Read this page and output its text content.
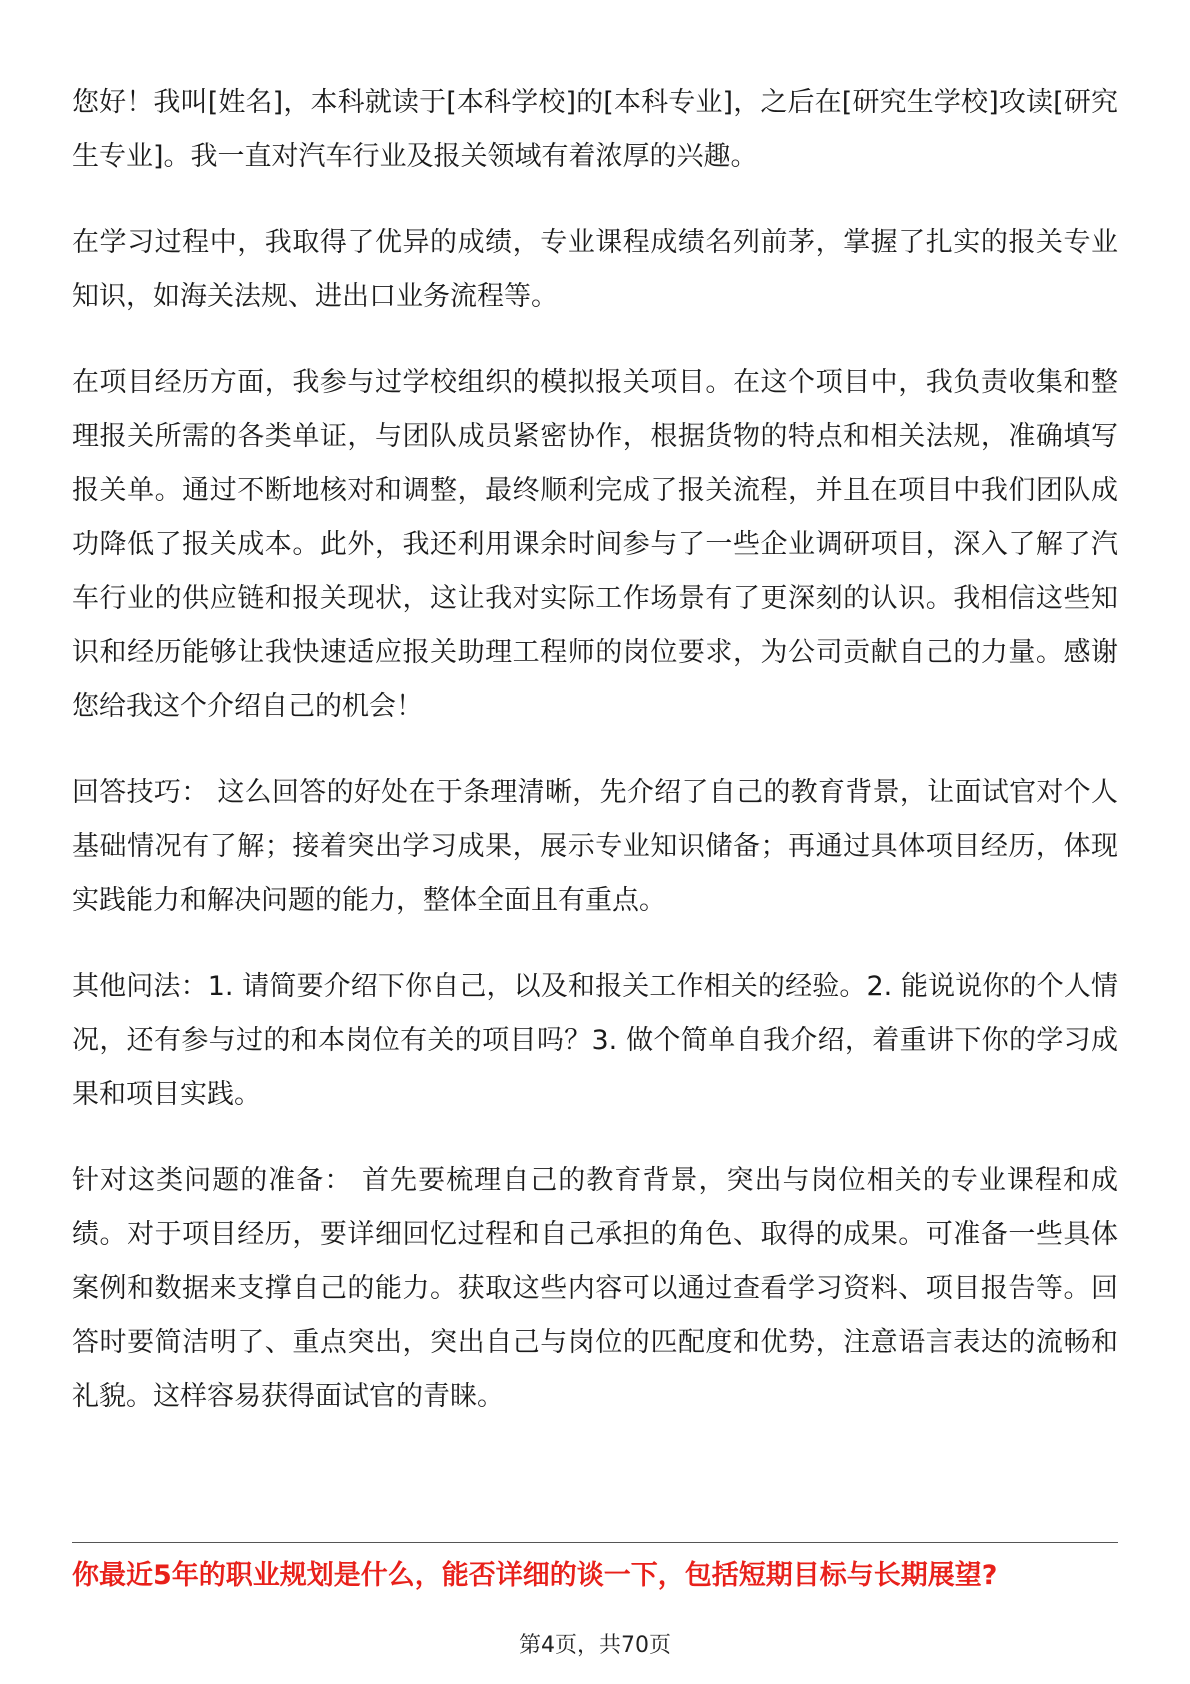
您好！我叫[姓名]，本科就读于[本科学校]的[本科专业]，之后在[研究生学校]攻读[研究生专业]。我一直对汽车行业及报关领域有着浓厚的兴趣。

在学习过程中，我取得了优异的成绩，专业课程成绩名列前茅，掌握了扎实的报关专业知识，如海关法规、进出口业务流程等。

在项目经历方面，我参与过学校组织的模拟报关项目。在这个项目中，我负责收集和整理报关所需的各类单证，与团队成员紧密协作，根据货物的特点和相关法规，准确填写报关单。通过不断地核对和调整，最终顺利完成了报关流程，并且在项目中我们团队成功降低了报关成本。此外，我还利用课余时间参与了一些企业调研项目，深入了解了汽车行业的供应链和报关现状，这让我对实际工作场景有了更深刻的认识。我相信这些知识和经历能够让我快速适应报关助理工程师的岗位要求，为公司贡献自己的力量。感谢您给我这个介绍自己的机会！

回答技巧： 这么回答的好处在于条理清晰，先介绍了自己的教育背景，让面试官对个人基础情况有了解；接着突出学习成果，展示专业知识储备；再通过具体项目经历，体现实践能力和解决问题的能力，整体全面且有重点。

其他问法：1. 请简要介绍下你自己，以及和报关工作相关的经验。2. 能说说你的个人情况，还有参与过的和本岗位有关的项目吗？3. 做个简单自我介绍，着重讲下你的学习成果和项目实践。

针对这类问题的准备： 首先要梳理自己的教育背景，突出与岗位相关的专业课程和成绩。对于项目经历，要详细回忆过程和自己承担的角色、取得的成果。可准备一些具体案例和数据来支撑自己的能力。获取这些内容可以通过查看学习资料、项目报告等。回答时要简洁明了、重点突出，突出自己与岗位的匹配度和优势，注意语言表达的流畅和礼貌。这样容易获得面试官的青睐。

你最近5年的职业规划是什么，能否详细的谈一下，包括短期目标与长期展望?
第4页，共70页
